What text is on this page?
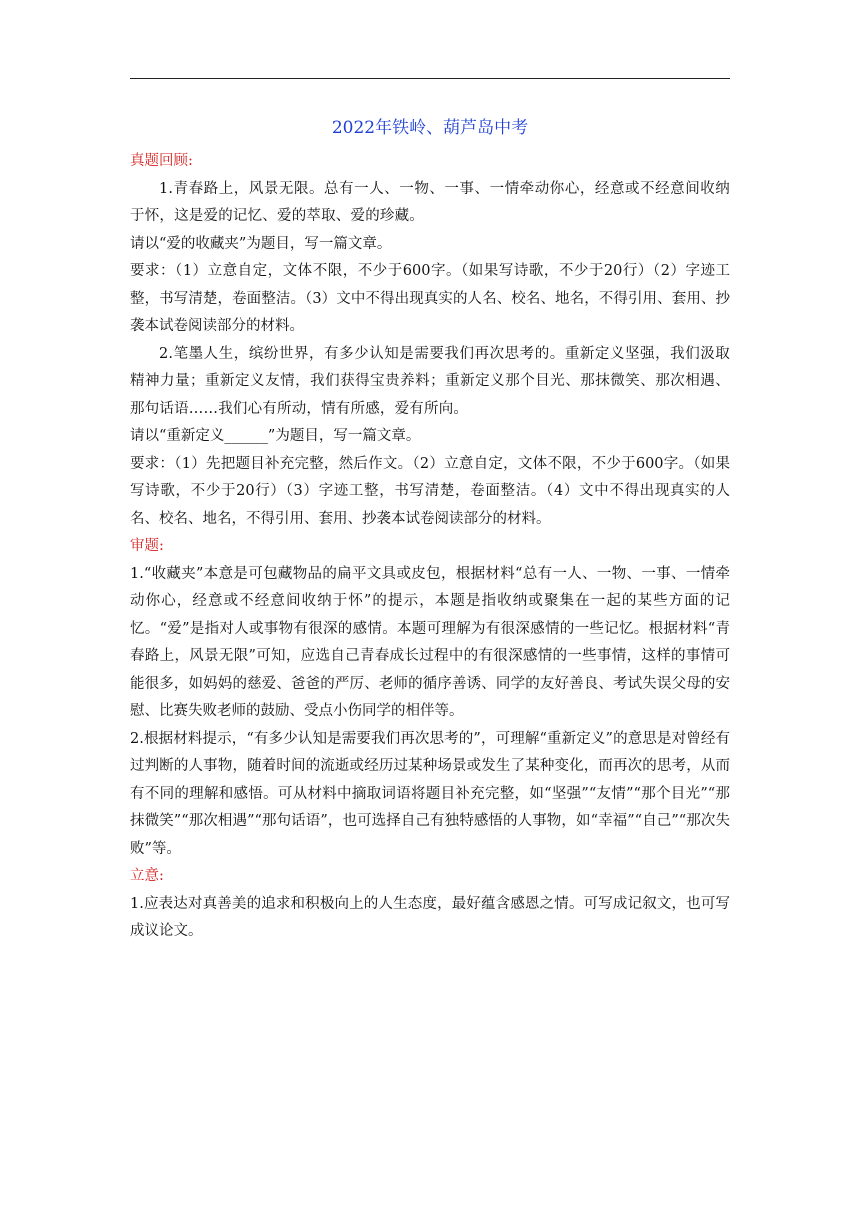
2022年铁岭、葫芦岛中考

真题回顾:

1.青春路上，风景无限。总有一人、一物、一事、一情牵动你心，经意或不经意间收纳于怀，这是爱的记忆、爱的萃取、爱的珍藏。

请以“爱的收藏夹”为题目，写一篇文章。

要求：（1）立意自定，文体不限，不少于600字。（如果写诗歌，不少于20行）（2）字迹工整，书写清楚，卷面整洁。（3）文中不得出现真实的人名、校名、地名，不得引用、套用、抄袭本试卷阅读部分的材料。

2.笔墨人生，缤纷世界，有多少认知是需要我们再次思考的。重新定义坚强，我们汲取精神力量；重新定义友情，我们获得宝贵养料；重新定义那个目光、那抹微笑、那次相遇、那句话语……我们心有所动，情有所感，爱有所向。

请以“重新定义______”为题目，写一篇文章。

要求：（1）先把题目补充完整，然后作文。（2）立意自定，文体不限，不少于600字。（如果写诗歌，不少于20行）（3）字迹工整，书写清楚，卷面整洁。（4）文中不得出现真实的人名、校名、地名，不得引用、套用、抄袭本试卷阅读部分的材料。

审题:

1.“收藏夹”本意是可包藏物品的扁平文具或皮包，根据材料“总有一人、一物、一事、一情牵动你心，经意或不经意间收纳于怀”的提示，本题是指收纳或聚集在一起的某些方面的记忆。“爱”是指对人或事物有很深的感情。本题可理解为有很深感情的一些记忆。根据材料“青春路上，风景无限”可知，应选自己青春成长过程中的有很深感情的一些事情，这样的事情可能很多，如妈妈的慈爱、爸爸的严厉、老师的循序善诱、同学的友好善良、考试失误父母的安慰、比赛失败老师的鼓励、受点小伤同学的相伴等。

2.根据材料提示，“有多少认知是需要我们再次思考的”，可理解“重新定义”的意思是对曾经有过判断的人事物，随着时间的流逝或经历过某种场景或发生了某种变化，而再次的思考，从而有不同的理解和感悟。可从材料中摘取词语将题目补充完整，如“坚强”“友情”“那个目光”“那抹微笑”“那次相遇”“那句话语”，也可选择自己有独特感悟的人事物，如“幸福”“自己”“那次失败”等。

立意:

1.应表达对真善美的追求和积极向上的人生态度，最好蕴含感恩之情。可写成记叙文，也可写成议论文。
